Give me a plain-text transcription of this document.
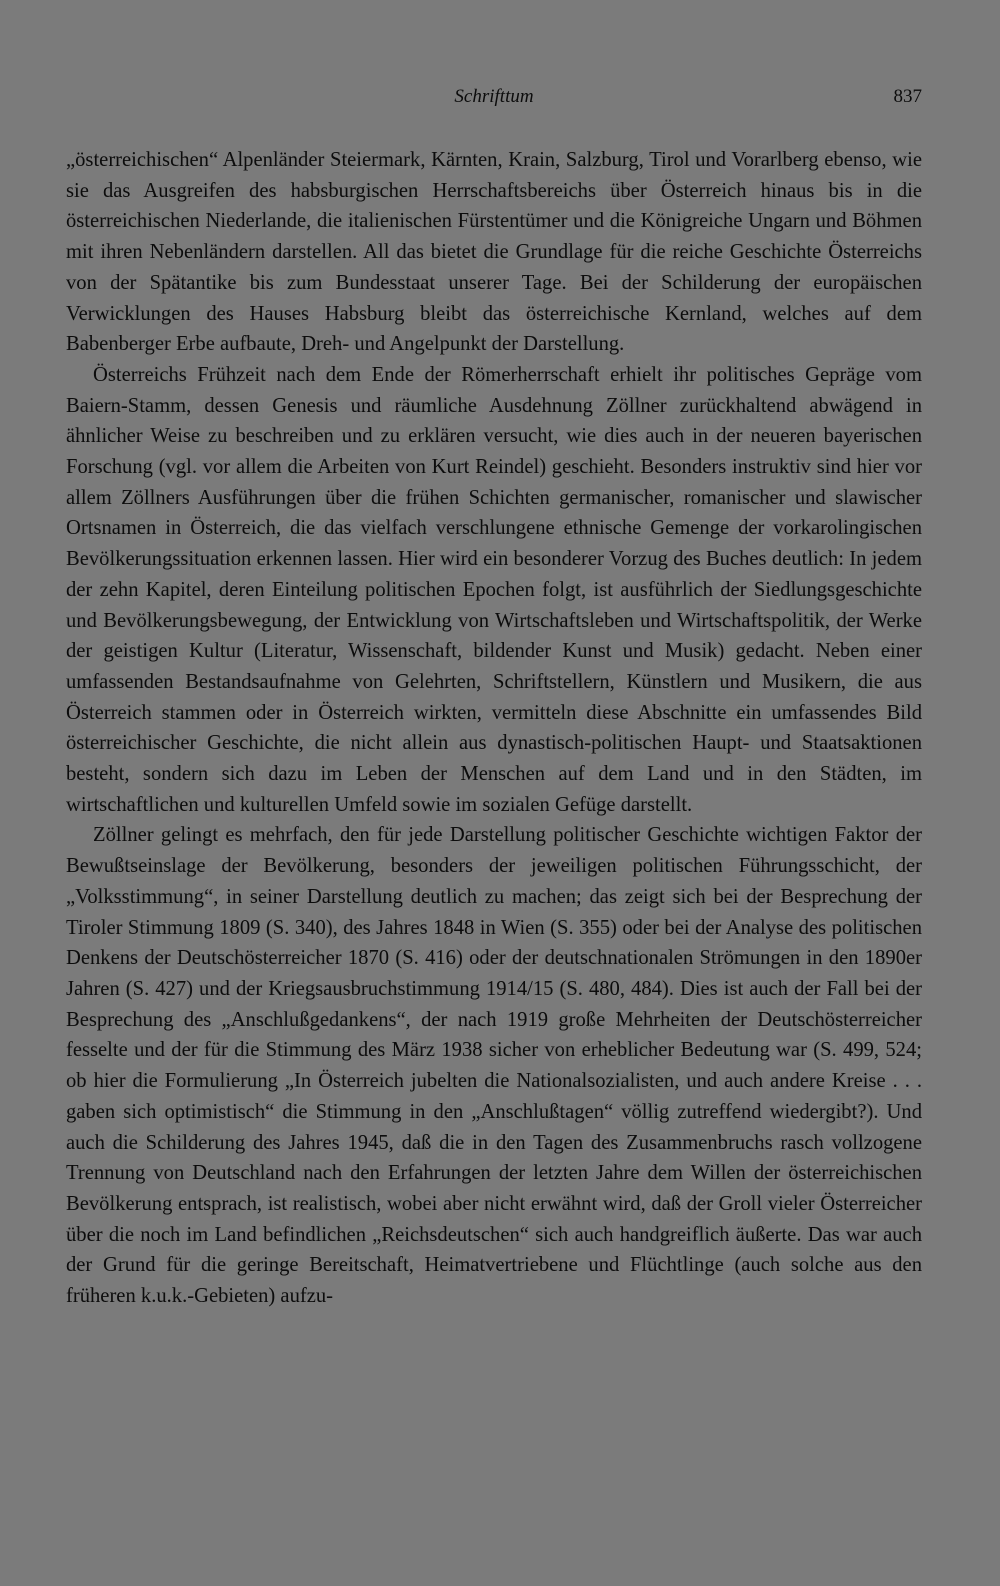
Schrifttum	837

„österreichischen“ Alpenländer Steiermark, Kärnten, Krain, Salzburg, Tirol und Vorarlberg ebenso, wie sie das Ausgreifen des habsburgischen Herrschaftsbereichs über Österreich hinaus bis in die österreichischen Niederlande, die italienischen Fürstentümer und die Königreiche Ungarn und Böhmen mit ihren Nebenländern darstellen. All das bietet die Grundlage für die reiche Geschichte Österreichs von der Spätantike bis zum Bundesstaat unserer Tage. Bei der Schilderung der europäischen Verwicklungen des Hauses Habsburg bleibt das österreichische Kernland, welches auf dem Babenberger Erbe aufbaute, Dreh- und Angelpunkt der Darstellung.

Österreichs Frühzeit nach dem Ende der Römerherrschaft erhielt ihr politisches Gepräge vom Baiern-Stamm, dessen Genesis und räumliche Ausdehnung Zöllner zurückhaltend abwägend in ähnlicher Weise zu beschreiben und zu erklären versucht, wie dies auch in der neueren bayerischen Forschung (vgl. vor allem die Arbeiten von Kurt Reindel) geschieht. Besonders instruktiv sind hier vor allem Zöllners Ausführungen über die frühen Schichten germanischer, romanischer und slawischer Ortsnamen in Österreich, die das vielfach verschlungene ethnische Gemenge der vorkarolingischen Bevölkerungssituation erkennen lassen. Hier wird ein besonderer Vorzug des Buches deutlich: In jedem der zehn Kapitel, deren Einteilung politischen Epochen folgt, ist ausführlich der Siedlungsgeschichte und Bevölkerungsbewegung, der Entwicklung von Wirtschaftsleben und Wirtschaftspolitik, der Werke der geistigen Kultur (Literatur, Wissenschaft, bildender Kunst und Musik) gedacht. Neben einer umfassenden Bestandsaufnahme von Gelehrten, Schriftstellern, Künstlern und Musikern, die aus Österreich stammen oder in Österreich wirkten, vermitteln diese Abschnitte ein umfassendes Bild österreichischer Geschichte, die nicht allein aus dynastisch-politischen Haupt- und Staatsaktionen besteht, sondern sich dazu im Leben der Menschen auf dem Land und in den Städten, im wirtschaftlichen und kulturellen Umfeld sowie im sozialen Gefüge darstellt.

Zöllner gelingt es mehrfach, den für jede Darstellung politischer Geschichte wichtigen Faktor der Bewußtseinslage der Bevölkerung, besonders der jeweiligen politischen Führungsschicht, der „Volksstimmung“, in seiner Darstellung deutlich zu machen; das zeigt sich bei der Besprechung der Tiroler Stimmung 1809 (S. 340), des Jahres 1848 in Wien (S. 355) oder bei der Analyse des politischen Denkens der Deutschösterreicher 1870 (S. 416) oder der deutschnationalen Strömungen in den 1890er Jahren (S. 427) und der Kriegsausbruchstimmung 1914/15 (S. 480, 484). Dies ist auch der Fall bei der Besprechung des „Anschlußgedankens“, der nach 1919 große Mehrheiten der Deutschösterreicher fesselte und der für die Stimmung des März 1938 sicher von erheblicher Bedeutung war (S. 499, 524; ob hier die Formulierung „In Österreich jubelten die Nationalsozialisten, und auch andere Kreise . . . gaben sich optimistisch“ die Stimmung in den „Anschlußtagen“ völlig zutreffend wiedergibt?). Und auch die Schilderung des Jahres 1945, daß die in den Tagen des Zusammenbruchs rasch vollzogene Trennung von Deutschland nach den Erfahrungen der letzten Jahre dem Willen der österreichischen Bevölkerung entsprach, ist realistisch, wobei aber nicht erwähnt wird, daß der Groll vieler Österreicher über die noch im Land befindlichen „Reichsdeutschen“ sich auch handgreiflich äußerte. Das war auch der Grund für die geringe Bereitschaft, Heimatvertriebene und Flüchtlinge (auch solche aus den früheren k.u.k.-Gebieten) aufzu-
